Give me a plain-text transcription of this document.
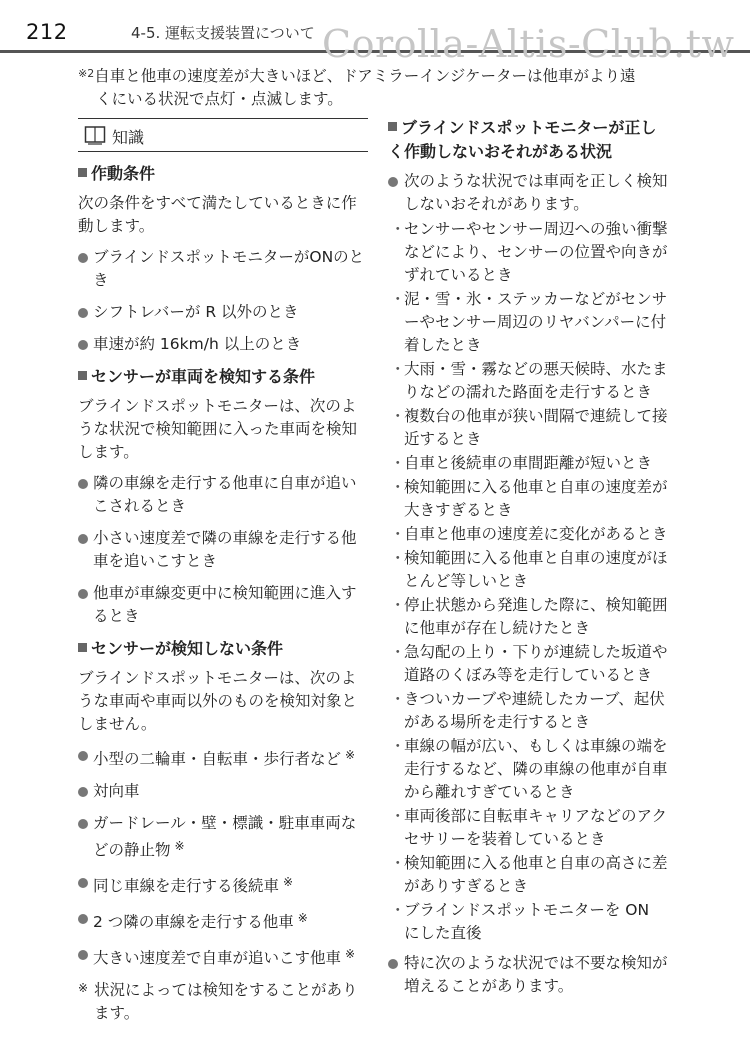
212	4-5. 運転支援装置について Corolla-Altis-Club.tw
$^{※2}$自車と他車の速度差が大きいほど、ドアミラーインジケーターは他車がより遠
くにいる状況で点灯・点滅します。
知識
作動条件
次の条件をすべて満たしているときに作動します。
ブラインドスポットモニターがONのとき
シフトレバーが R 以外のとき
車速が約 16km/h 以上のとき
センサーが車両を検知する条件
ブラインドスポットモニターは、次のような状況で検知範囲に入った車両を検知します。
隣の車線を走行する他車に自車が追いこされるとき
小さい速度差で隣の車線を走行する他車を追いこすとき
他車が車線変更中に検知範囲に進入するとき
センサーが検知しない条件
ブラインドスポットモニターは、次のような車両や車両以外のものを検知対象としません。
小型の二輪車・自転車・歩行者など ※
対向車
ガードレール・壁・標識・駐車車両などの静止物 ※
同じ車線を走行する後続車 ※
2 つ隣の車線を走行する他車 ※
大きい速度差で自車が追いこす他車 ※
※ 状況によっては検知をすることがあります。
ブラインドスポットモニターが正しく作動しないおそれがある状況
次のような状況では車両を正しく検知しないおそれがあります。
・
センサーやセンサー周辺への強い衝撃などにより、センサーの位置や向きがずれているとき
・
泥・雪・氷・ステッカーなどがセンサーやセンサー周辺のリヤバンパーに付着したとき
・
大雨・雪・霧などの悪天候時、水たまりなどの濡れた路面を走行するとき
・
複数台の他車が狭い間隔で連続して接近するとき
・
自車と後続車の車間距離が短いとき
・
検知範囲に入る他車と自車の速度差が大きすぎるとき
・
自車と他車の速度差に変化があるとき
・
検知範囲に入る他車と自車の速度がほとんど等しいとき
・
停止状態から発進した際に、検知範囲に他車が存在し続けたとき
・
急勾配の上り・下りが連続した坂道や道路のくぼみ等を走行しているとき
・
きついカーブや連続したカーブ、起伏がある場所を走行するとき
・
車線の幅が広い、もしくは車線の端を走行するなど、隣の車線の他車が自車から離れすぎているとき
・
車両後部に自転車キャリアなどのアクセサリーを装着しているとき
・
検知範囲に入る他車と自車の高さに差がありすぎるとき
・
ブラインドスポットモニターを ON にした直後
特に次のような状況では不要な検知が増えることがあります。
